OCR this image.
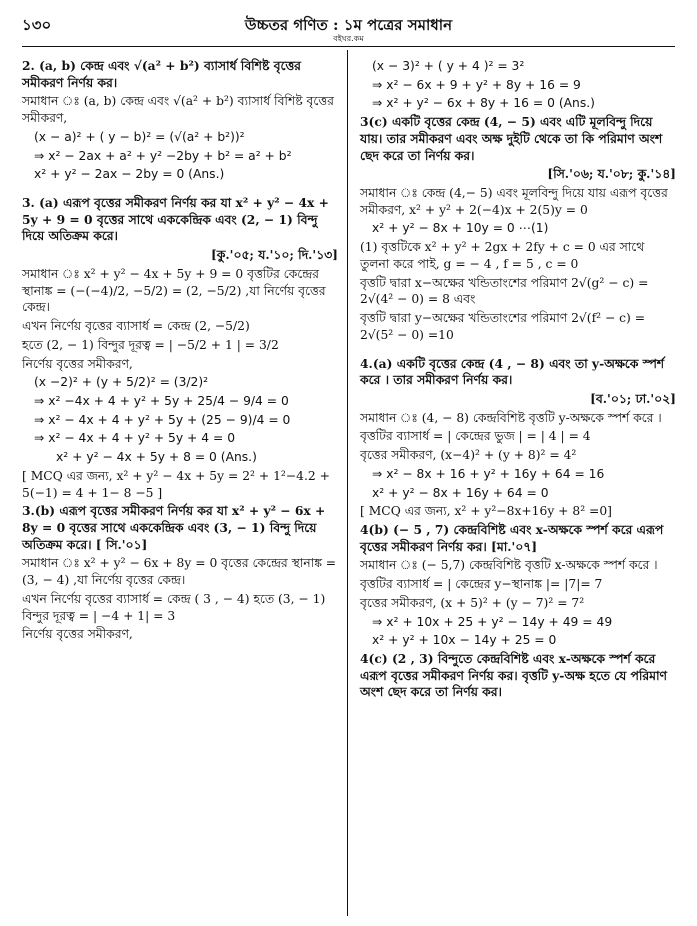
১৩০	উচ্চতর গণিত : ১ম পত্রের সমাধান
বইঘর.কম

2. (a, b) কেন্দ্র এবং √(a² + b²) ব্যাসার্ধ বিশিষ্ট বৃত্তের সমীকরণ নির্ণয় কর।

সমাধান ঃ (a, b) কেন্দ্র এবং √(a² + b²) ব্যাসার্ধ বিশিষ্ট বৃত্তের সমীকরণ,

(x − a)² + ( y − b)² = (√(a² + b²))²

⇒ x² − 2ax + a² + y² −2by + b² = a² + b²

x² + y² − 2ax − 2by = 0 (Ans.)

3. (a) এরূপ বৃত্তের সমীকরণ নির্ণয় কর যা x² + y² − 4x + 5y + 9 = 0 বৃত্তের সাথে এককেন্দ্রিক এবং (2, − 1) বিন্দু দিয়ে অতিক্রম করে।

[কু.'০৫; য.'১০; দি.'১৩]

সমাধান ঃ x² + y² − 4x + 5y + 9 = 0 বৃত্তটির কেন্দ্রের স্থানাঙ্ক = (−(−4)/2, −5/2) = (2, −5/2) ,যা নির্ণেয় বৃত্তের কেন্দ্র।

এখন নির্ণেয় বৃত্তের ব্যাসার্ধ = কেন্দ্র (2, −5/2)

হতে (2, − 1) বিন্দুর দূরত্ব = | −5/2 + 1 | = 3/2

নির্ণেয় বৃত্তের সমীকরণ,

(x −2)² + (y + 5/2)² = (3/2)²

⇒ x² −4x + 4 + y² + 5y + 25/4 − 9/4 = 0

⇒ x² − 4x + 4 + y² + 5y + (25 − 9)/4 = 0

⇒ x² − 4x + 4 + y² + 5y + 4 = 0

x² + y² − 4x + 5y + 8 = 0 (Ans.)

[ MCQ এর জন্য, x² + y² − 4x + 5y = 2² + 1²−4.2 + 5(−1) = 4 + 1− 8 −5 ]

3.(b) এরূপ বৃত্তের সমীকরণ নির্ণয় কর যা x² + y² − 6x + 8y = 0 বৃত্তের সাথে এককেন্দ্রিক এবং (3, − 1) বিন্দু দিয়ে অতিক্রম করে। [ সি.'০১]

সমাধান ঃ x² + y² − 6x + 8y = 0 বৃত্তের কেন্দ্রের স্থানাঙ্ক = (3, − 4) ,যা নির্ণেয় বৃত্তের কেন্দ্র।

এখন নির্ণেয় বৃত্তের ব্যাসার্ধ = কেন্দ্র ( 3 , − 4) হতে (3, − 1) বিন্দুর দূরত্ব = | −4 + 1| = 3

নির্ণেয় বৃত্তের সমীকরণ,

(x − 3)² + ( y + 4 )² = 3²

⇒ x² − 6x + 9 + y² + 8y + 16 = 9

⇒ x² + y² − 6x + 8y + 16 = 0 (Ans.)

3(c) একটি বৃত্তের কেন্দ্র (4, − 5) এবং এটি মূলবিন্দু দিয়ে যায়। তার সমীকরণ এবং অক্ষ দুইটি থেকে তা কি পরিমাণ অংশ ছেদ করে তা নির্ণয় কর।

[সি.'০৬; য.'০৮; কু.'১৪]

সমাধান ঃ কেন্দ্র (4,− 5) এবং মূলবিন্দু দিয়ে যায় এরূপ বৃত্তের সমীকরণ, x² + y² + 2(−4)x + 2(5)y = 0

x² + y² − 8x + 10y = 0 ⋯(1)

(1) বৃত্তটিকে x² + y² + 2gx + 2fy + c = 0 এর সাথে তুলনা করে পাই, g = − 4 , f = 5 , c = 0

বৃত্তটি দ্বারা x−অক্ষের খন্ডিতাংশের পরিমাণ 2√(g² − c) = 2√(4² − 0) = 8 এবং

বৃত্তটি দ্বারা y−অক্ষের খন্ডিতাংশের পরিমাণ 2√(f² − c) = 2√(5² − 0) =10

4.(a) একটি বৃত্তের কেন্দ্র (4 , − 8) এবং তা y-অক্ষকে স্পর্শ করে । তার সমীকরণ নির্ণয় কর।

[ব.'০১; ঢা.'০২]

সমাধান ঃ (4, − 8) কেন্দ্রবিশিষ্ট বৃত্তটি y-অক্ষকে স্পর্শ করে ।

বৃত্তটির ব্যাসার্ধ = | কেন্দ্রের ভুজ | = | 4 | = 4

বৃত্তের সমীকরণ, (x−4)² + (y + 8)² = 4²

⇒ x² − 8x + 16 + y² + 16y + 64 = 16

x² + y² − 8x + 16y + 64 = 0

[ MCQ এর জন্য, x² + y²−8x+16y + 8² =0]

4(b) (− 5 , 7) কেন্দ্রবিশিষ্ট এবং x-অক্ষকে স্পর্শ করে এরূপ বৃত্তের সমীকরণ নির্ণয় কর। [মা.'০৭]

সমাধান ঃ (− 5,7) কেন্দ্রবিশিষ্ট বৃত্তটি x-অক্ষকে স্পর্শ করে ।

বৃত্তটির ব্যাসার্ধ = | কেন্দ্রের y−স্থানাঙ্ক |= |7|= 7

বৃত্তের সমীকরণ, (x + 5)² + (y − 7)² = 7²

⇒ x² + 10x + 25 + y² − 14y + 49 = 49

x² + y² + 10x − 14y + 25 = 0

4(c) (2 , 3) বিন্দুতে কেন্দ্রবিশিষ্ট এবং x-অক্ষকে স্পর্শ করে এরূপ বৃত্তের সমীকরণ নির্ণয় কর। বৃত্তটি y-অক্ষ হতে যে পরিমাণ অংশ ছেদ করে তা নির্ণয় কর।
